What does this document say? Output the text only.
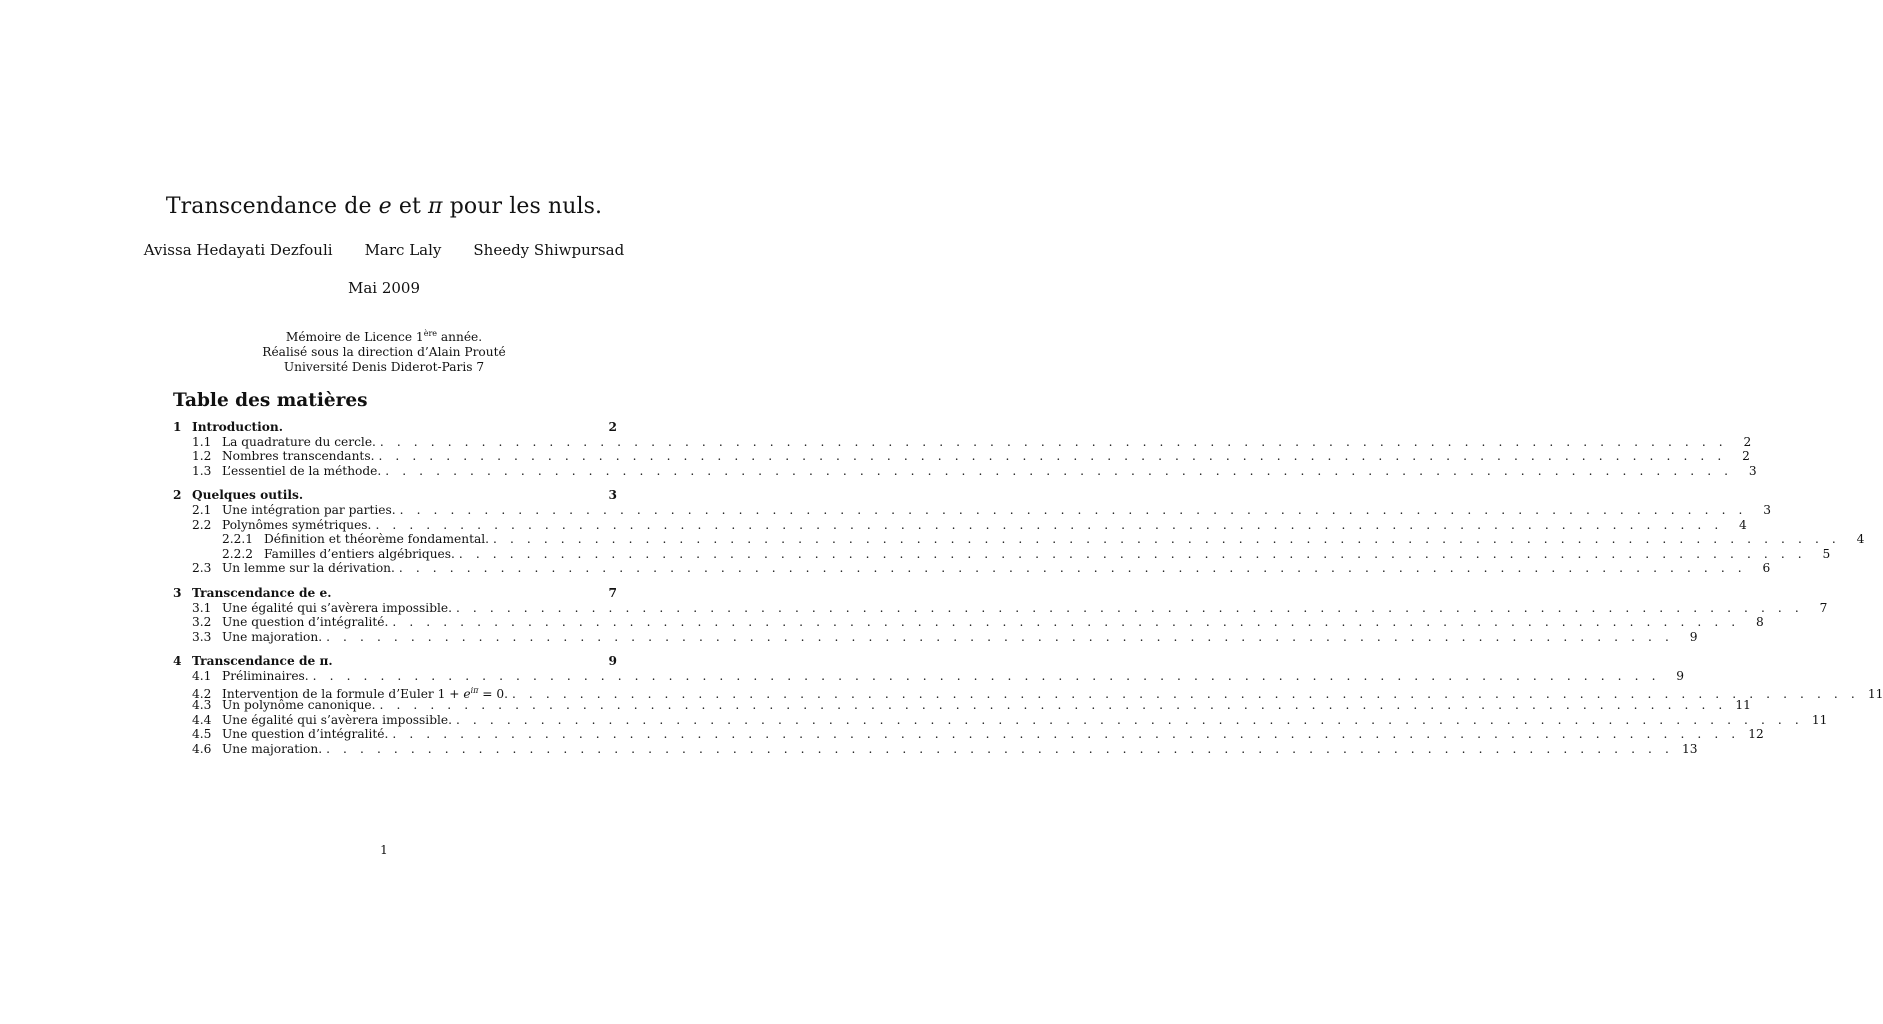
Transcendance de e et π pour les nuls.
Avissa Hedayati Dezfouli Marc Laly Sheedy Shiwpursad
Mai 2009
Mémoire de Licence 1ère année.
Réalisé sous la direction d’Alain Prouté
Université Denis Diderot-Paris 7
Table des matières
1 Introduction.	2
1.1 La quadrature du cercle. . . . . . . . . . . . . . . . . . . . . . . . . . . . . . . . . . . . . . . . . . . . . . . . . . . . . . . . . . . . . . . . . . . . . . . . . . . . . . . . .	2
1.2 Nombres transcendants. . . . . . . . . . . . . . . . . . . . . . . . . . . . . . . . . . . . . . . . . . . . . . . . . . . . . . . . . . . . . . . . . . . . . . . . . . . . . . . . .	2
1.3 L’essentiel de la méthode. . . . . . . . . . . . . . . . . . . . . . . . . . . . . . . . . . . . . . . . . . . . . . . . . . . . . . . . . . . . . . . . . . . . . . . . . . . . . . . . .	3
2 Quelques outils.	3
2.1 Une intégration par parties. . . . . . . . . . . . . . . . . . . . . . . . . . . . . . . . . . . . . . . . . . . . . . . . . . . . . . . . . . . . . . . . . . . . . . . . . . . . . . . . .	3
2.2 Polynômes symétriques. . . . . . . . . . . . . . . . . . . . . . . . . . . . . . . . . . . . . . . . . . . . . . . . . . . . . . . . . . . . . . . . . . . . . . . . . . . . . . . . .	4
2.2.1 Définition et théorème fondamental. . . . . . . . . . . . . . . . . . . . . . . . . . . . . . . . . . . . . . . . . . . . . . . . . . . . . . . . . . . . . . . . . . . . . . . . . . . . . . . . .	4
2.2.2 Familles d’entiers algébriques. . . . . . . . . . . . . . . . . . . . . . . . . . . . . . . . . . . . . . . . . . . . . . . . . . . . . . . . . . . . . . . . . . . . . . . . . . . . . . . . .	5
2.3 Un lemme sur la dérivation. . . . . . . . . . . . . . . . . . . . . . . . . . . . . . . . . . . . . . . . . . . . . . . . . . . . . . . . . . . . . . . . . . . . . . . . . . . . . . . . .	6
3 Transcendance de e.	7
3.1 Une égalité qui s’avèrera impossible. . . . . . . . . . . . . . . . . . . . . . . . . . . . . . . . . . . . . . . . . . . . . . . . . . . . . . . . . . . . . . . . . . . . . . . . . . . . . . . . .	7
3.2 Une question d’intégralité. . . . . . . . . . . . . . . . . . . . . . . . . . . . . . . . . . . . . . . . . . . . . . . . . . . . . . . . . . . . . . . . . . . . . . . . . . . . . . . . .	8
3.3 Une majoration. . . . . . . . . . . . . . . . . . . . . . . . . . . . . . . . . . . . . . . . . . . . . . . . . . . . . . . . . . . . . . . . . . . . . . . . . . . . . . . . .	9
4 Transcendance de π.	9
4.1 Préliminaires. . . . . . . . . . . . . . . . . . . . . . . . . . . . . . . . . . . . . . . . . . . . . . . . . . . . . . . . . . . . . . . . . . . . . . . . . . . . . . . . .	9
4.2 Intervention de la formule d’Euler $1 + e^{i\pi} = 0$. . . . . . . . . . . . . . . . . . . . . . . . . . . . . . . . . . . . . . . . . . . . . . . . . . . . . . . . . . . . . . . . . . . . . . . . . . . . . . . . . 11
4.3 Un polynôme canonique. . . . . . . . . . . . . . . . . . . . . . . . . . . . . . . . . . . . . . . . . . . . . . . . . . . . . . . . . . . . . . . . . . . . . . . . . . . . . . . . . 11
4.4 Une égalité qui s’avèrera impossible. . . . . . . . . . . . . . . . . . . . . . . . . . . . . . . . . . . . . . . . . . . . . . . . . . . . . . . . . . . . . . . . . . . . . . . . . . . . . . . . . 11
4.5 Une question d’intégralité. . . . . . . . . . . . . . . . . . . . . . . . . . . . . . . . . . . . . . . . . . . . . . . . . . . . . . . . . . . . . . . . . . . . . . . . . . . . . . . . . 12
4.6 Une majoration. . . . . . . . . . . . . . . . . . . . . . . . . . . . . . . . . . . . . . . . . . . . . . . . . . . . . . . . . . . . . . . . . . . . . . . . . . . . . . . . . 13
1
